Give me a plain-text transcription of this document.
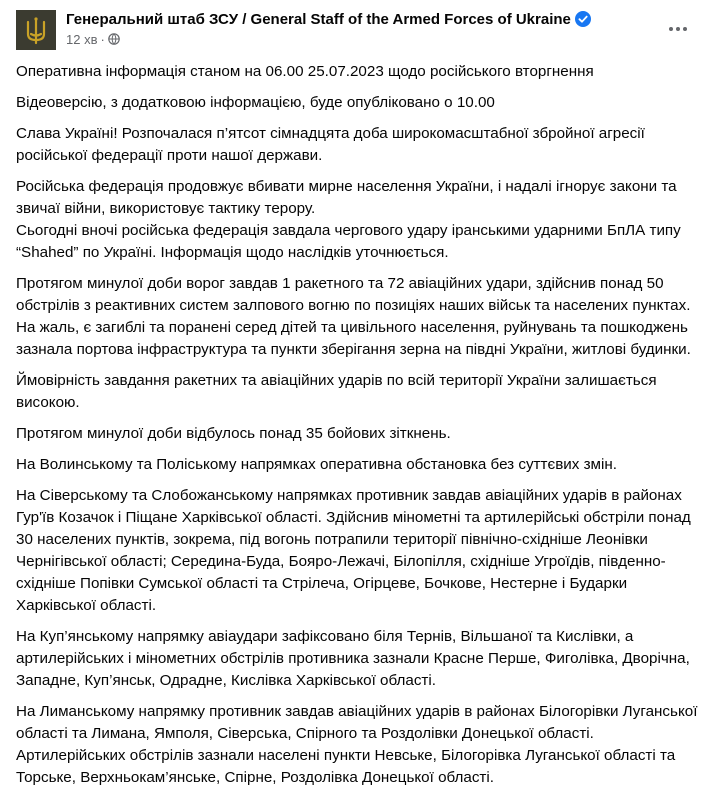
Генеральний штаб ЗСУ / General Staff of the Armed Forces of Ukraine
12 хв ·

Оперативна інформація станом на 06.00 25.07.2023 щодо російського вторгнення

Відеоверсію, з додатковою інформацією, буде опубліковано о 10.00

Слава Україні! Розпочалася п’ятсот сімнадцята доба широкомасштабної збройної агресії російської федерації проти нашої держави.

Російська федерація продовжує вбивати мирне населення України, і надалі ігнорує закони та звичаї війни, використовує тактику терору.
Сьогодні вночі російська федерація завдала чергового удару іранськими ударними БпЛА типу “Shahed” по Україні. Інформація щодо наслідків уточнюється.

Протягом минулої доби ворог завдав 1 ракетного та 72 авіаційних удари, здійснив понад 50 обстрілів з реактивних систем залпового вогню по позиціях наших військ та населених пунктах. На жаль, є загиблі та поранені серед дітей та цивільного населення, руйнувань та пошкоджень зазнала портова інфраструктура та пункти зберігання зерна на півдні України, житлові будинки.

Ймовірність завдання ракетних та авіаційних ударів по всій території України залишається високою.

Протягом минулої доби відбулось понад 35 бойових зіткнень.

На Волинському та Поліському напрямках оперативна обстановка без суттєвих змін.

На Сіверському та Слобожанському напрямках противник завдав авіаційних ударів в районах Гур'їв Козачок і Піщане Харківської області. Здійснив мінометні та артилерійські обстріли понад 30 населених пунктів, зокрема, під вогонь потрапили території північно-східніше Леонівки Чернігівської області; Середина-Буда, Бояро-Лежачі, Білопілля, східніше Угроїдів, південно-східніше Попівки Сумської області та Стрілеча, Огірцеве, Бочкове, Нестерне і Бударки Харківської області.

На Куп’янському напрямку авіаудари зафіксовано біля Тернів, Вільшаної та Кислівки, а артилерійських і мінометних обстрілів противника зазнали Красне Перше, Фиголівка, Дворічна, Западне, Куп’янськ, Одрадне, Кислівка Харківської області.

На Лиманському напрямку противник завдав авіаційних ударів в районах Білогорівки Луганської області та Лимана, Ямполя, Сіверська, Спірного та Роздолівки Донецької області. Артилерійських обстрілів зазнали населені пункти Невське, Білогорівка Луганської області та Торське, Верхньокам’янське, Спірне, Роздолівка Донецької області.
